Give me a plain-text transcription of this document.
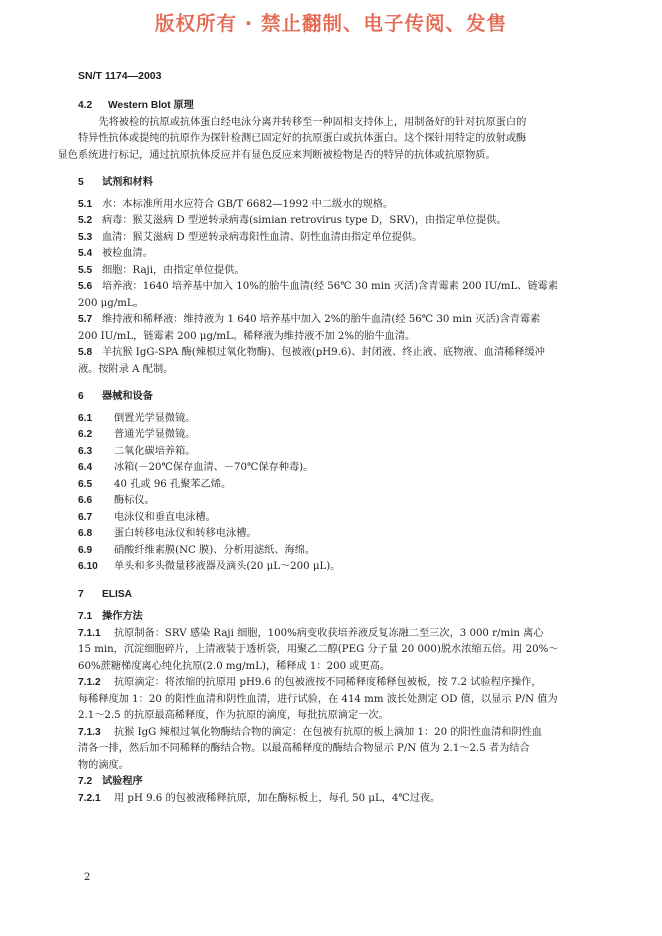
版权所有 · 禁止翻制、电子传阅、发售
SN/T 1174—2003
4.2	Western Blot 原理
先将被检的抗原或抗体蛋白经电泳分离并转移至一种固相支持体上，用制备好的针对抗原蛋白的
特异性抗体或提纯的抗原作为探针检测已固定好的抗原蛋白或抗体蛋白。这个探针用特定的放射或酶
显色系统进行标记，通过抗原抗体反应并有显色反应来判断被检物是否的特异的抗体或抗原物质。
5	试剂和材料
5.1 水：本标准所用水应符合 GB/T 6682—1992 中二级水的规格。
5.2 病毒：猴艾滋病 D 型逆转录病毒(simian retrovirus type D，SRV)，由指定单位提供。
5.3 血清：猴艾滋病 D 型逆转录病毒阳性血清、阴性血清由指定单位提供。
5.4 被检血清。
5.5 细胞：Raji，由指定单位提供。
5.6 培养液：1640 培养基中加入 10%的胎牛血清(经 56℃ 30 min 灭活)含青霉素 200 IU/mL、链霉素
200 μg/mL。
5.7 维持液和稀释液：维持液为 1 640 培养基中加入 2%的胎牛血清(经 56℃ 30 min 灭活)含青霉素
200 IU/mL，链霉素 200 μg/mL。稀释液为维持液不加 2%的胎牛血清。
5.8 羊抗猴 IgG-SPA 酶(辣根过氧化物酶)、包被液(pH9.6)、封闭液、终止液、底物液、血清稀释缓冲
液。按附录 A 配制。
6	器械和设备
6.1	倒置光学显微镜。
6.2	普通光学显微镜。
6.3	二氧化碳培养箱。
6.4	冰箱(－20℃保存血清、－70℃保存种毒)。
6.5	40 孔或 96 孔聚苯乙烯。
6.6	酶标仪。
6.7	电泳仪和垂直电泳槽。
6.8	蛋白转移电泳仪和转移电泳槽。
6.9	硝酸纤维素膜(NC 膜)、分析用滤纸、海绵。
6.10	单头和多头微量移液器及滴头(20 μL～200 μL)。
7	ELISA
7.1 操作方法
7.1.1	抗原制备：SRV 感染 Raji 细胞，100%病变收获培养液反复冻融二至三次，3 000 r/min 离心
15 min，沉淀细胞碎片，上清液装于透析袋，用聚乙二醇(PEG 分子量 20 000)脱水浓缩五倍。用 20%～
60%蔗糖梯度离心纯化抗原(2.0 mg/mL)，稀释成 1：200 或更高。
7.1.2	抗原滴定：将浓缩的抗原用 pH9.6 的包被液按不同稀释度稀释包被板，按 7.2 试验程序操作，
每稀释度加 1：20 的阳性血清和阴性血清，进行试验，在 414 mm 波长处测定 OD 值，以显示 P/N 值为
2.1～2.5 的抗原最高稀释度，作为抗原的滴度，每批抗原滴定一次。
7.1.3	抗猴 IgG 辣根过氧化物酶结合物的滴定：在包被有抗原的板上滴加 1：20 的阳性血清和阴性血
清各一排，然后加不同稀释的酶结合物。以最高稀释度的酶结合物显示 P/N 值为 2.1～2.5 者为结合
物的滴度。
7.2 试验程序
7.2.1	用 pH 9.6 的包被液稀释抗原，加在酶标板上，每孔 50 μL，4℃过夜。
2
